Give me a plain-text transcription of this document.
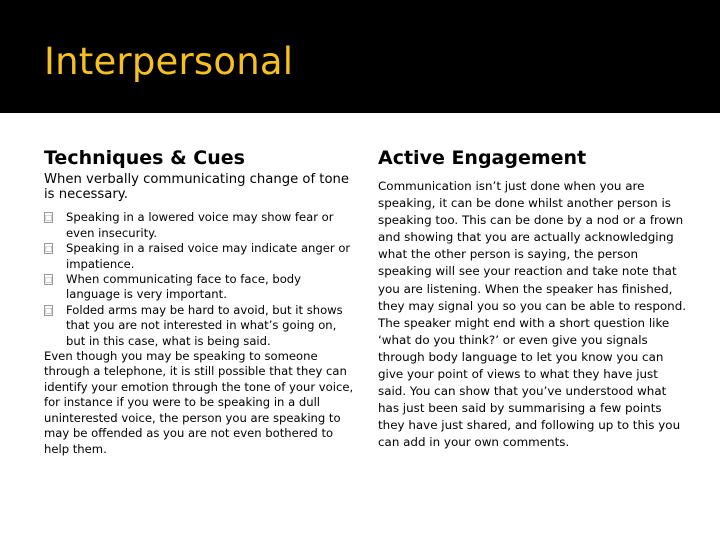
Interpersonal
Techniques & Cues

When verbally communicating change of tone is necessary.

□ Speaking in a lowered voice may show fear or even insecurity.
□ Speaking in a raised voice may indicate anger or impatience.
□ When communicating face to face, body language is very important.
□ Folded arms may be hard to avoid, but it shows that you are not interested in what’s going on, but in this case, what is being said.

Even though you may be speaking to someone through a telephone, it is still possible that they can identify your emotion through the tone of your voice, for instance if you were to be speaking in a dull uninterested voice, the person you are speaking to may be offended as you are not even bothered to help them.

Active Engagement

Communication isn’t just done when you are speaking, it can be done whilst another person is speaking too. This can be done by a nod or a frown and showing that you are actually acknowledging what the other person is saying, the person speaking will see your reaction and take note that you are listening. When the speaker has finished, they may signal you so you can be able to respond. The speaker might end with a short question like ‘what do you think?’ or even give you signals through body language to let you know you can give your point of views to what they have just said. You can show that you’ve understood what has just been said by summarising a few points they have just shared, and following up to this you can add in your own comments.
